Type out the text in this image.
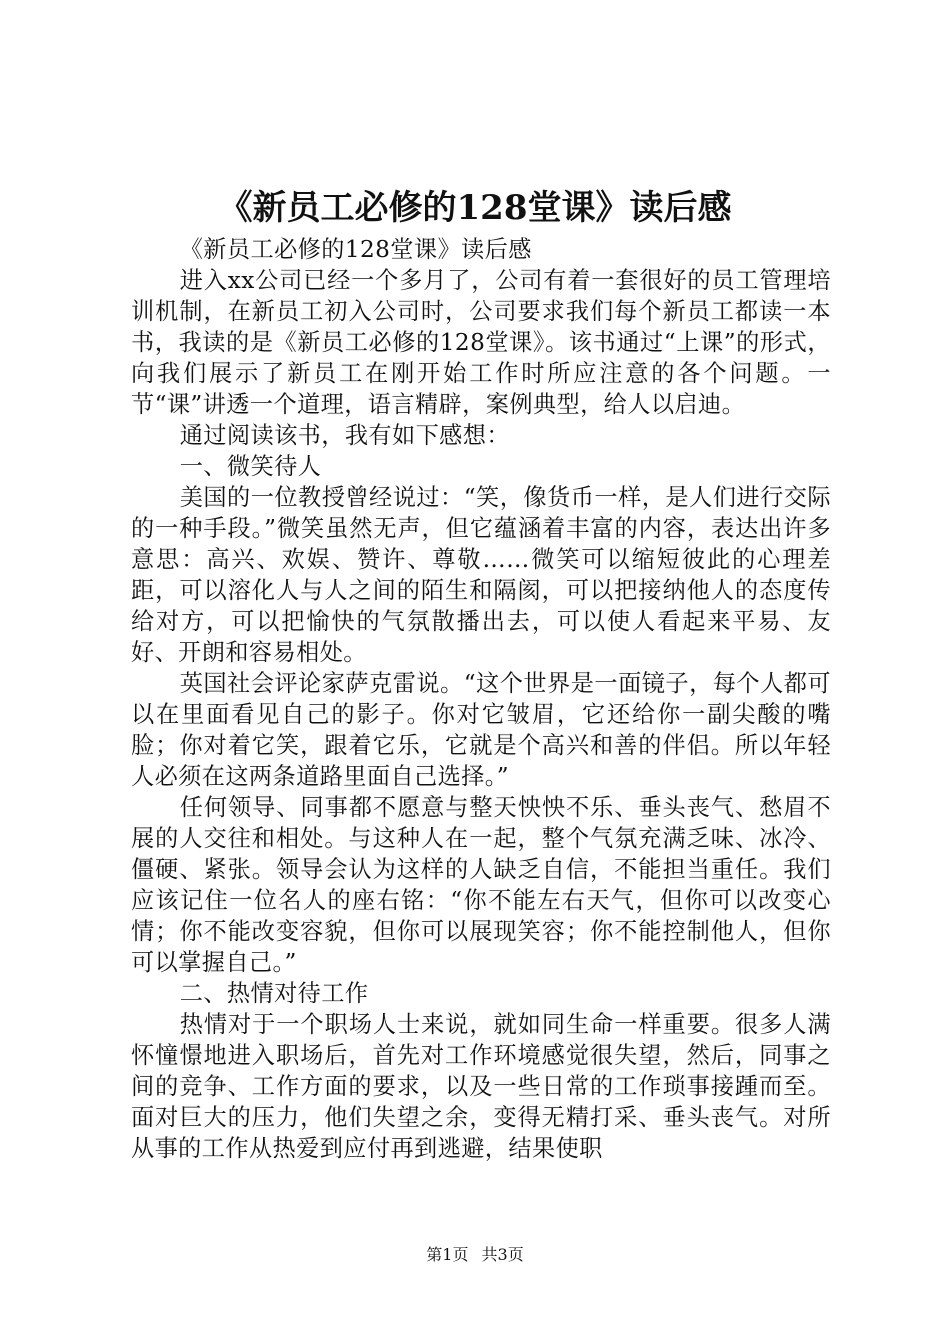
《新员工必修的128堂课》读后感

《新员工必修的128堂课》读后感

进入xx公司已经一个多月了，公司有着一套很好的员工管理培训机制，在新员工初入公司时，公司要求我们每个新员工都读一本书，我读的是《新员工必修的128堂课》。该书通过“上课”的形式，向我们展示了新员工在刚开始工作时所应注意的各个问题。一节“课”讲透一个道理，语言精辟，案例典型，给人以启迪。

通过阅读该书，我有如下感想：

一、微笑待人

美国的一位教授曾经说过：“笑，像货币一样，是人们进行交际的一种手段。”微笑虽然无声，但它蕴涵着丰富的内容，表达出许多意思：高兴、欢娱、赞许、尊敬……微笑可以缩短彼此的心理差距，可以溶化人与人之间的陌生和隔阂，可以把接纳他人的态度传给对方，可以把愉快的气氛散播出去，可以使人看起来平易、友好、开朗和容易相处。

英国社会评论家萨克雷说。“这个世界是一面镜子，每个人都可以在里面看见自己的影子。你对它皱眉，它还给你一副尖酸的嘴脸；你对着它笑，跟着它乐，它就是个高兴和善的伴侣。所以年轻人必须在这两条道路里面自己选择。”

任何领导、同事都不愿意与整天怏怏不乐、垂头丧气、愁眉不展的人交往和相处。与这种人在一起，整个气氛充满乏味、冰冷、僵硬、紧张。领导会认为这样的人缺乏自信，不能担当重任。我们应该记住一位名人的座右铭：“你不能左右天气，但你可以改变心情；你不能改变容貌，但你可以展现笑容；你不能控制他人，但你可以掌握自己。”

二、热情对待工作

热情对于一个职场人士来说，就如同生命一样重要。很多人满怀憧憬地进入职场后，首先对工作环境感觉很失望，然后，同事之间的竞争、工作方面的要求，以及一些日常的工作琐事接踵而至。面对巨大的压力，他们失望之余，变得无精打采、垂头丧气。对所从事的工作从热爱到应付再到逃避，结果使职

第1页 共3页
